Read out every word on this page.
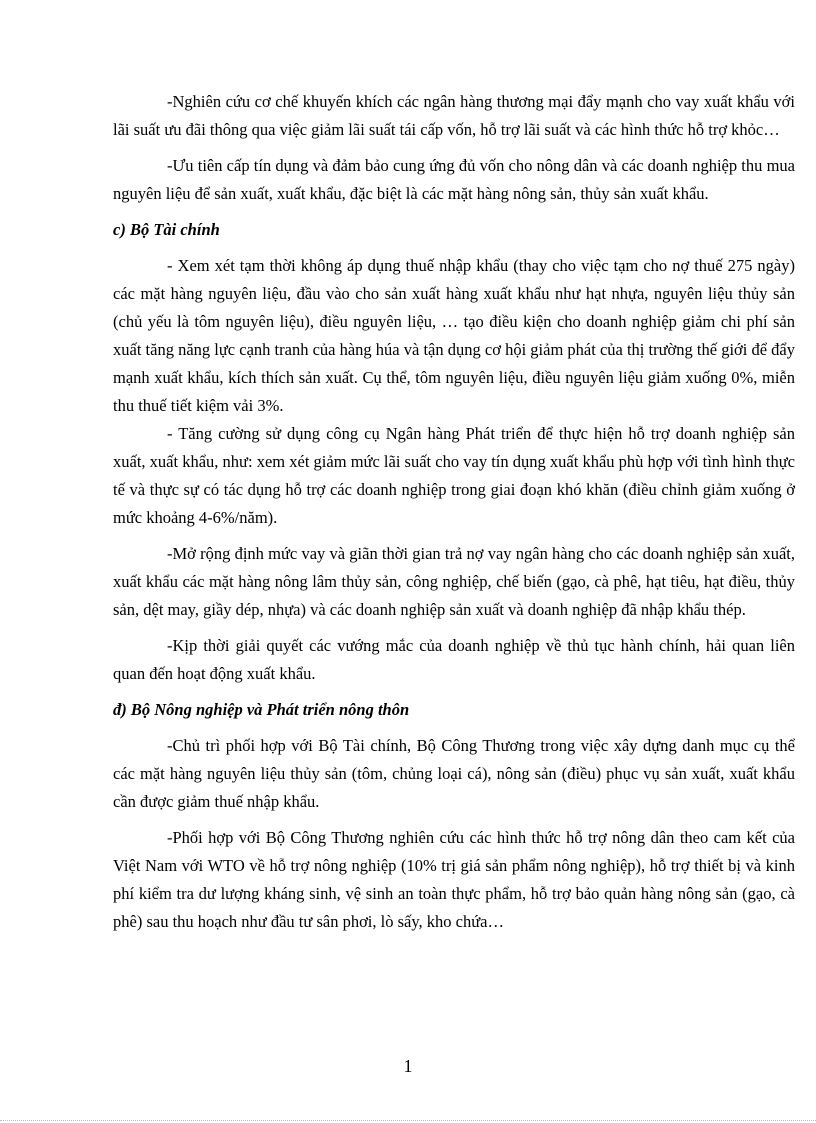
-Nghiên cứu cơ chế khuyến khích các ngân hàng thương mại đẩy mạnh cho vay xuất khẩu với lãi suất ưu đãi thông qua việc giảm lãi suất tái cấp vốn, hỗ trợ lãi suất và các hình thức hỗ trợ khỏc…

-Ưu tiên cấp tín dụng và đảm bảo cung ứng đủ vốn cho nông dân và các doanh nghiệp thu mua nguyên liệu để sản xuất, xuất khẩu, đặc biệt là các mặt hàng nông sản, thủy sản xuất khẩu.

c) Bộ Tài chính

- Xem xét tạm thời không áp dụng thuế nhập khẩu (thay cho việc tạm cho nợ thuế 275 ngày) các mặt hàng nguyên liệu, đầu vào cho sản xuất hàng xuất khẩu như hạt nhựa, nguyên liệu thủy sản (chủ yếu là tôm nguyên liệu), điều nguyên liệu, … tạo điều kiện cho doanh nghiệp giảm chi phí sản xuất tăng năng lực cạnh tranh của hàng húa và tận dụng cơ hội giảm phát của thị trường thế giới để đẩy mạnh xuất khẩu, kích thích sản xuất. Cụ thể, tôm nguyên liệu, điều nguyên liệu giảm xuống 0%, miễn thu thuế tiết kiệm vải 3%.

- Tăng cường sử dụng công cụ Ngân hàng Phát triển để thực hiện hỗ trợ doanh nghiệp sản xuất, xuất khẩu, như: xem xét giảm mức lãi suất cho vay tín dụng xuất khẩu phù hợp với tình hình thực tế và thực sự có tác dụng hỗ trợ các doanh nghiệp trong giai đoạn khó khăn (điều chỉnh giảm xuống ở mức khoảng 4-6%/năm).

-Mở rộng định mức vay và giãn thời gian trả nợ vay ngân hàng cho các doanh nghiệp sản xuất, xuất khẩu các mặt hàng nông lâm thủy sản, công nghiệp, chế biến (gạo, cà phê, hạt tiêu, hạt điều, thủy sản, dệt may, giầy dép, nhựa) và các doanh nghiệp sản xuất và doanh nghiệp đã nhập khẩu thép.

-Kịp thời giải quyết các vướng mắc của doanh nghiệp về thủ tục hành chính, hải quan liên quan đến hoạt động xuất khẩu.

đ) Bộ Nông nghiệp và Phát triển nông thôn

-Chủ trì phối hợp với Bộ Tài chính, Bộ Công Thương trong việc xây dựng danh mục cụ thể các mặt hàng nguyên liệu thủy sản (tôm, chủng loại cá), nông sản (điều) phục vụ sản xuất, xuất khẩu cần được giảm thuế nhập khẩu.

-Phối hợp với Bộ Công Thương nghiên cứu các hình thức hỗ trợ nông dân theo cam kết của Việt Nam với WTO về hỗ trợ nông nghiệp (10% trị giá sản phẩm nông nghiệp), hỗ trợ thiết bị và kinh phí kiểm tra dư lượng kháng sinh, vệ sinh an toàn thực phẩm, hỗ trợ bảo quản hàng nông sản (gạo, cà phê) sau thu hoạch như đầu tư sân phơi, lò sấy, kho chứa…

1
